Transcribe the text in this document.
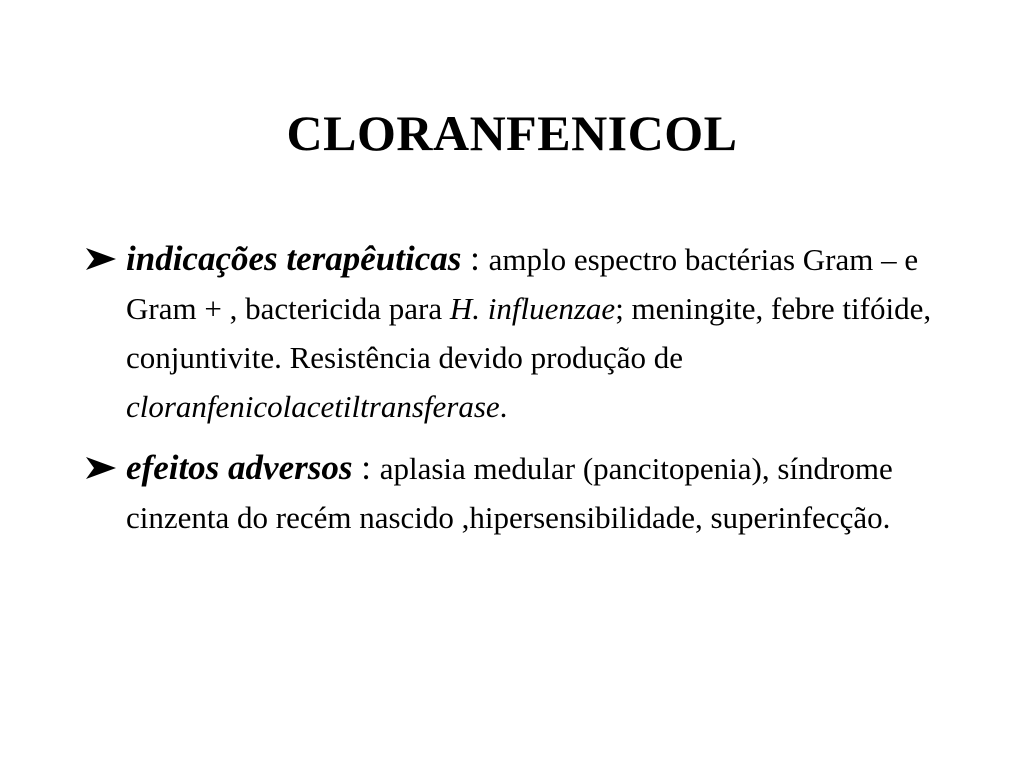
CLORANFENICOL
indicações terapêuticas : amplo espectro bactérias Gram – e Gram + , bactericida para H. influenzae; meningite, febre tifóide, conjuntivite. Resistência devido produção de cloranfenicolacetiltransferase.
efeitos adversos : aplasia medular (pancitopenia), síndrome cinzenta do recém nascido ,hipersensibilidade, superinfecção.
